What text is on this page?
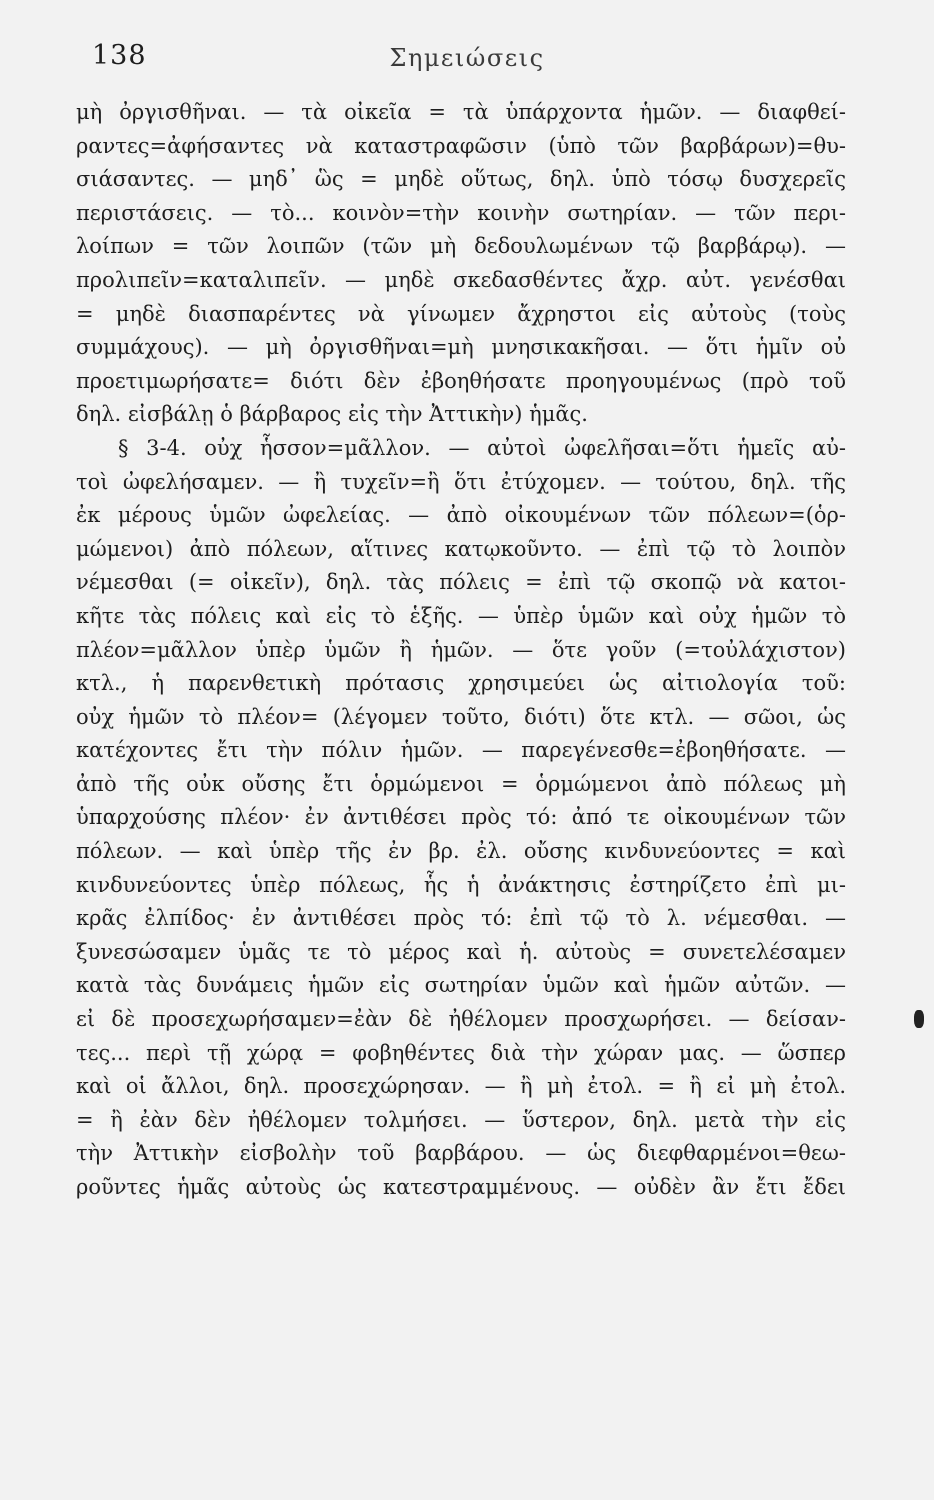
138	Σημειώσεις
μὴ ὀργισθῆναι. — τὰ οἰκεῖα = τὰ ὑπάρχοντα ἡμῶν. — διαφθεί-
ραντες=ἀφήσαντες νὰ καταστραφῶσιν (ὑπὸ τῶν βαρβάρων)=θυ-
σιάσαντες. — μηδ᾿ ὣς = μηδὲ οὕτως, δηλ. ὑπὸ τόσῳ δυσχερεῖς
περιστάσεις. — τὸ... κοινὸν=τὴν κοινὴν σωτηρίαν. — τῶν περι-
λοίπων = τῶν λοιπῶν (τῶν μὴ δεδουλωμένων τῷ βαρβάρῳ). —
προλιπεῖν=καταλιπεῖν. — μηδὲ σκεδασθέντες ἄχρ. αὐτ. γενέσθαι
= μηδὲ διασπαρέντες νὰ γίνωμεν ἄχρηστοι εἰς αὐτοὺς (τοὺς
συμμάχους). — μὴ ὀργισθῆναι=μὴ μνησικακῆσαι. — ὅτι ἡμῖν οὐ
προετιμωρήσατε= διότι δὲν ἐβοηθήσατε προηγουμένως (πρὸ τοῦ
δηλ. εἰσβάλῃ ὁ βάρβαρος εἰς τὴν Ἀττικὴν) ἡμᾶς.
§ 3-4. οὐχ ἧσσον=μᾶλλον. — αὐτοὶ ὠφελῆσαι=ὅτι ἡμεῖς αὐ-
τοὶ ὠφελήσαμεν. — ἢ τυχεῖν=ἢ ὅτι ἐτύχομεν. — τούτου, δηλ. τῆς
ἐκ μέρους ὑμῶν ὠφελείας. — ἀπὸ οἰκουμένων τῶν πόλεων=(ὁρ-
μώμενοι) ἀπὸ πόλεων, αἵτινες κατῳκοῦντο. — ἐπὶ τῷ τὸ λοιπὸν
νέμεσθαι (= οἰκεῖν), δηλ. τὰς πόλεις = ἐπὶ τῷ σκοπῷ νὰ κατοι-
κῆτε τὰς πόλεις καὶ εἰς τὸ ἑξῆς. — ὑπὲρ ὑμῶν καὶ οὐχ ἡμῶν τὸ
πλέον=μᾶλλον ὑπὲρ ὑμῶν ἢ ἡμῶν. — ὅτε γοῦν (=τοὐλάχιστον)
κτλ., ἡ παρενθετικὴ πρότασις χρησιμεύει ὡς αἰτιολογία τοῦ:
οὐχ ἡμῶν τὸ πλέον= (λέγομεν τοῦτο, διότι) ὅτε κτλ. — σῶοι, ὡς
κατέχοντες ἔτι τὴν πόλιν ἡμῶν. — παρεγένεσθε=ἐβοηθήσατε. —
ἀπὸ τῆς οὐκ οὔσης ἔτι ὁρμώμενοι = ὁρμώμενοι ἀπὸ πόλεως μὴ
ὑπαρχούσης πλέον· ἐν ἀντιθέσει πρὸς τό: ἀπό τε οἰκουμένων τῶν
πόλεων. — καὶ ὑπὲρ τῆς ἐν βρ. ἐλ. οὔσης κινδυνεύοντες = καὶ
κινδυνεύοντες ὑπὲρ πόλεως, ἧς ἡ ἀνάκτησις ἐστηρίζετο ἐπὶ μι-
κρᾶς ἐλπίδος· ἐν ἀντιθέσει πρὸς τό: ἐπὶ τῷ τὸ λ. νέμεσθαι. —
ξυνεσώσαμεν ὑμᾶς τε τὸ μέρος καὶ ἡ. αὐτοὺς = συνετελέσαμεν
κατὰ τὰς δυνάμεις ἡμῶν εἰς σωτηρίαν ὑμῶν καὶ ἡμῶν αὐτῶν. —
εἰ δὲ προσεχωρήσαμεν=ἐὰν δὲ ἠθέλομεν προσχωρήσει. — δείσαν-
τες... περὶ τῇ χώρᾳ = φοβηθέντες διὰ τὴν χώραν μας. — ὥσπερ
καὶ οἱ ἄλλοι, δηλ. προσεχώρησαν. — ἢ μὴ ἐτολ. = ἢ εἰ μὴ ἐτολ.
= ἢ ἐὰν δὲν ἠθέλομεν τολμήσει. — ὕστερον, δηλ. μετὰ τὴν εἰς
τὴν Ἀττικὴν εἰσβολὴν τοῦ βαρβάρου. — ὡς διεφθαρμένοι=θεω-
ροῦντες ἡμᾶς αὐτοὺς ὡς κατεστραμμένους. — οὐδὲν ἂν ἔτι ἔδει
